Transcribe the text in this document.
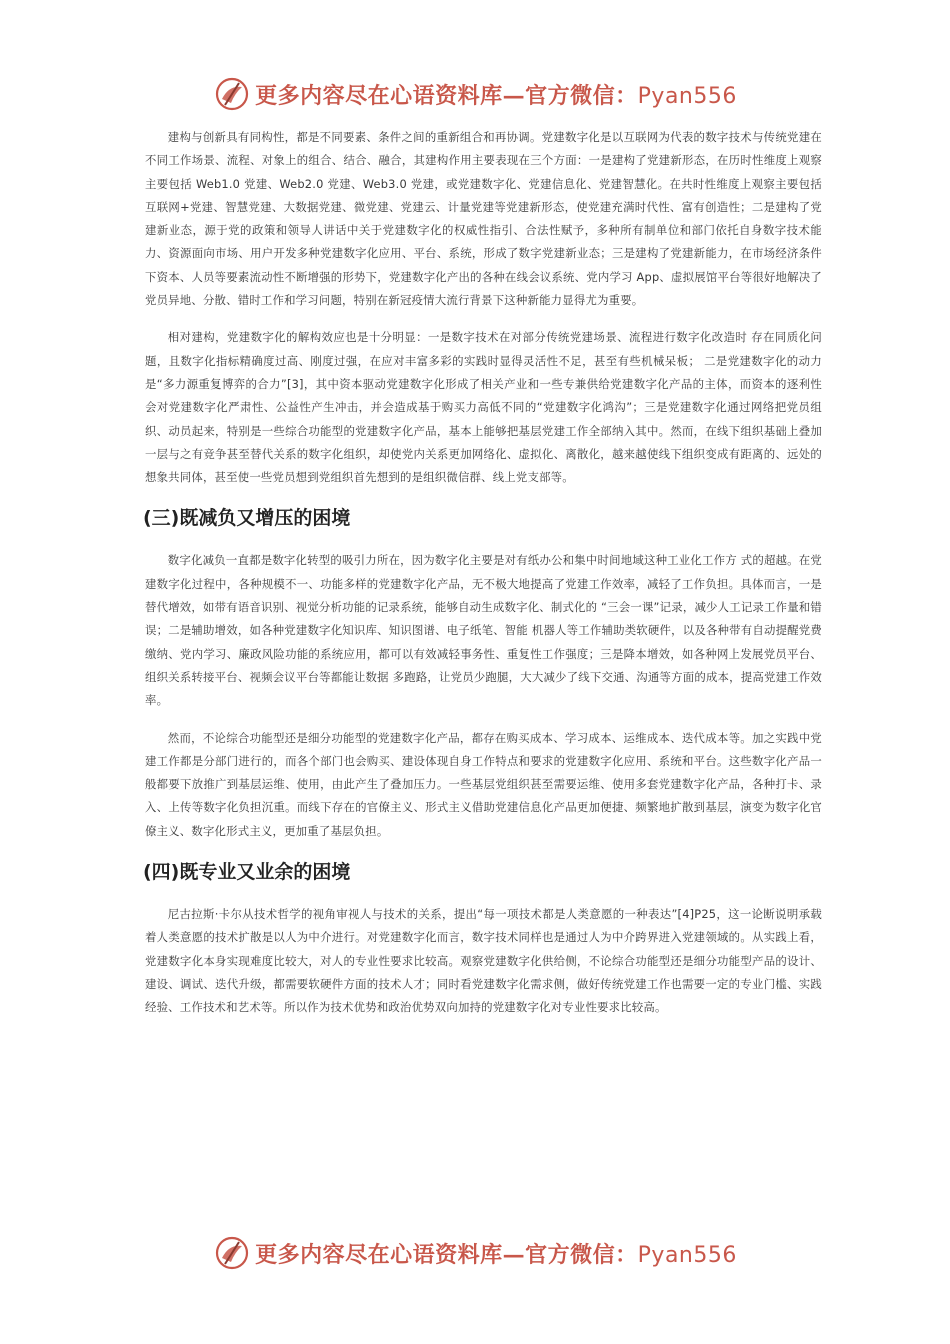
更多内容尽在心语资料库—官方微信：Pyan556

建构与创新具有同构性，都是不同要素、条件之间的重新组合和再协调。党建数字化是以互联网为代表的数字技术与传统党建在不同工作场景、流程、对象上的组合、结合、融合，其建构作用主要表现在三个方面：一是建构了党建新形态，在历时性维度上观察主要包括 Web1.0 党建、Web2.0 党建、Web3.0 党建，或党建数字化、党建信息化、党建智慧化。在共时性维度上观察主要包括互联网+党建、智慧党建、大数据党建、微党建、党建云、计量党建等党建新形态，使党建充满时代性、富有创造性；二是建构了党建新业态，源于党的政策和领导人讲话中关于党建数字化的权威性指引、合法性赋予，多种所有制单位和部门依托自身数字技术能力、资源面向市场、用户开发多种党建数字化应用、平台、系统，形成了数字党建新业态；三是建构了党建新能力，在市场经济条件下资本、人员等要素流动性不断增强的形势下，党建数字化产出的各种在线会议系统、党内学习 App、虚拟展馆平台等很好地解决了党员异地、分散、错时工作和学习问题，特别在新冠疫情大流行背景下这种新能力显得尤为重要。

相对建构，党建数字化的解构效应也是十分明显：一是数字技术在对部分传统党建场景、流程进行数字化改造时 存在同质化问题，且数字化指标精确度过高、刚度过强，在应对丰富多彩的实践时显得灵活性不足，甚至有些机械呆板； 二是党建数字化的动力是“多力源重复博弈的合力”[3]，其中资本驱动党建数字化形成了相关产业和一些专兼供给党建数字化产品的主体，而资本的逐利性会对党建数字化严肃性、公益性产生冲击，并会造成基于购买力高低不同的“党建数字化鸿沟”；三是党建数字化通过网络把党员组织、动员起来，特别是一些综合功能型的党建数字化产品，基本上能够把基层党建工作全部纳入其中。然而，在线下组织基础上叠加一层与之有竞争甚至替代关系的数字化组织，却使党内关系更加网络化、虚拟化、离散化，越来越使线下组织变成有距离的、远处的想象共同体，甚至使一些党员想到党组织首先想到的是组织微信群、线上党支部等。

(三)既减负又增压的困境

数字化减负一直都是数字化转型的吸引力所在，因为数字化主要是对有纸办公和集中时间地域这种工业化工作方 式的超越。在党建数字化过程中，各种规模不一、功能多样的党建数字化产品，无不极大地提高了党建工作效率，减轻了工作负担。具体而言，一是替代增效，如带有语音识别、视觉分析功能的记录系统，能够自动生成数字化、制式化的 “三会一课”记录，减少人工记录工作量和错误；二是辅助增效，如各种党建数字化知识库、知识图谱、电子纸笔、智能 机器人等工作辅助类软硬件，以及各种带有自动提醒党费缴纳、党内学习、廉政风险功能的系统应用，都可以有效减轻事务性、重复性工作强度；三是降本增效，如各种网上发展党员平台、组织关系转接平台、视频会议平台等都能让数据 多跑路，让党员少跑腿，大大减少了线下交通、沟通等方面的成本，提高党建工作效率。

然而，不论综合功能型还是细分功能型的党建数字化产品，都存在购买成本、学习成本、运维成本、迭代成本等。加之实践中党建工作都是分部门进行的，而各个部门也会购买、建设体现自身工作特点和要求的党建数字化应用、系统和平台。这些数字化产品一般都要下放推广到基层运维、使用，由此产生了叠加压力。一些基层党组织甚至需要运维、使用多套党建数字化产品，各种打卡、录入、上传等数字化负担沉重。而线下存在的官僚主义、形式主义借助党建信息化产品更加便捷、频繁地扩散到基层，演变为数字化官僚主义、数字化形式主义，更加重了基层负担。

(四)既专业又业余的困境

尼古拉斯·卡尔从技术哲学的视角审视人与技术的关系，提出“每一项技术都是人类意愿的一种表达”[4]P25，这一论断说明承载着人类意愿的技术扩散是以人为中介进行。对党建数字化而言，数字技术同样也是通过人为中介跨界进入党建领域的。从实践上看，党建数字化本身实现难度比较大，对人的专业性要求比较高。观察党建数字化供给侧，不论综合功能型还是细分功能型产品的设计、建设、调试、迭代升级，都需要软硬件方面的技术人才；同时看党建数字化需求侧，做好传统党建工作也需要一定的专业门槛、实践经验、工作技术和艺术等。所以作为技术优势和政治优势双向加持的党建数字化对专业性要求比较高。

更多内容尽在心语资料库—官方微信：Pyan556
